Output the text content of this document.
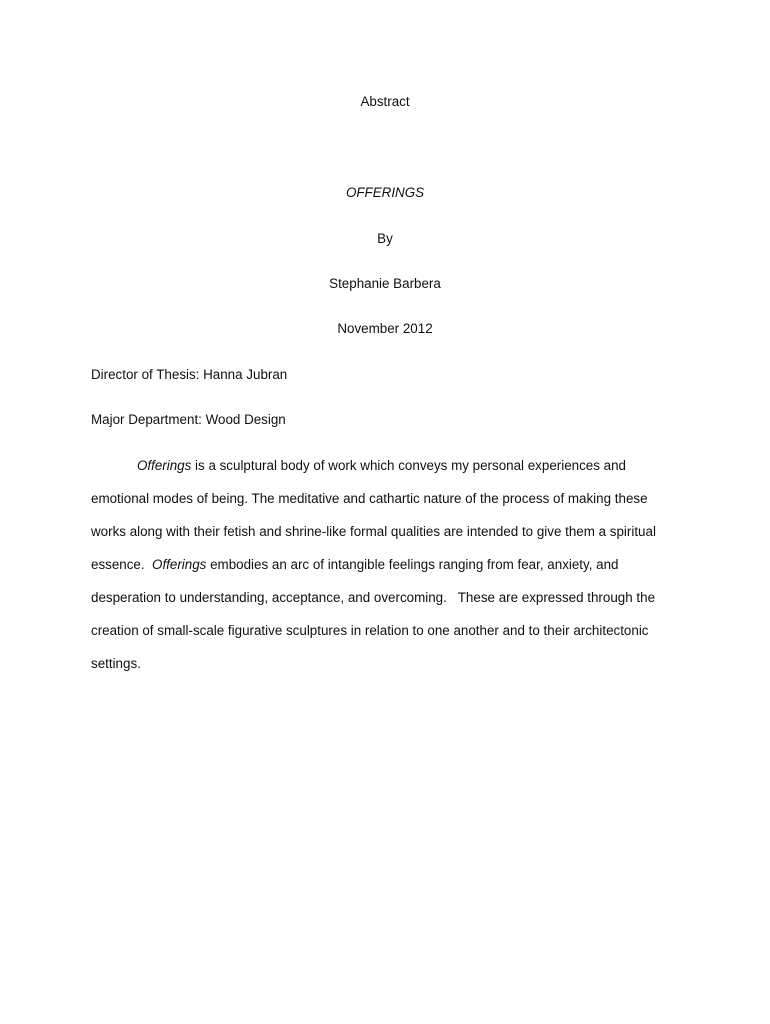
Abstract
OFFERINGS
By
Stephanie Barbera
November 2012
Director of Thesis: Hanna Jubran
Major Department: Wood Design
Offerings is a sculptural body of work which conveys my personal experiences and
emotional modes of being. The meditative and cathartic nature of the process of making these
works along with their fetish and shrine-like formal qualities are intended to give them a spiritual
essence.  Offerings embodies an arc of intangible feelings ranging from fear, anxiety, and
desperation to understanding, acceptance, and overcoming.   These are expressed through the
creation of small-scale figurative sculptures in relation to one another and to their architectonic
settings.
